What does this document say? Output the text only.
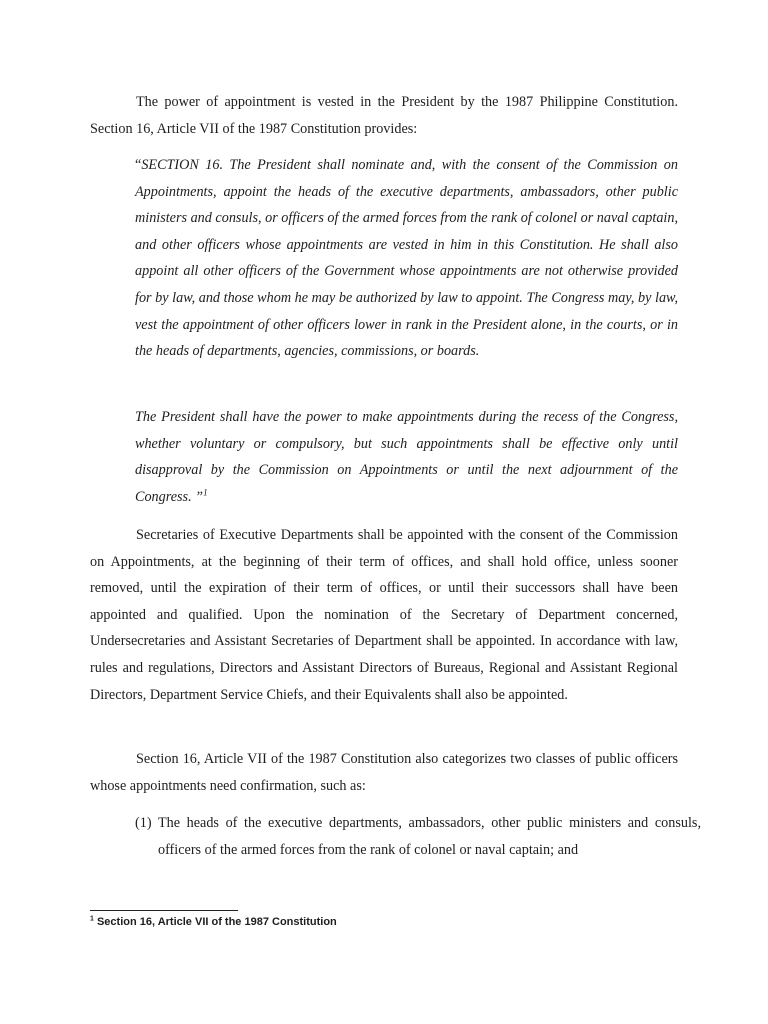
The power of appointment is vested in the President by the 1987 Philippine Constitution. Section 16, Article VII of the 1987 Constitution provides:

“SECTION 16. The President shall nominate and, with the consent of the Commission on Appointments, appoint the heads of the executive departments, ambassadors, other public ministers and consuls, or officers of the armed forces from the rank of colonel or naval captain, and other officers whose appointments are vested in him in this Constitution. He shall also appoint all other officers of the Government whose appointments are not otherwise provided for by law, and those whom he may be authorized by law to appoint. The Congress may, by law, vest the appointment of other officers lower in rank in the President alone, in the courts, or in the heads of departments, agencies, commissions, or boards.

The President shall have the power to make appointments during the recess of the Congress, whether voluntary or compulsory, but such appointments shall be effective only until disapproval by the Commission on Appointments or until the next adjournment of the Congress. ”$^1$

Secretaries of Executive Departments shall be appointed with the consent of the Commission on Appointments, at the beginning of their term of offices, and shall hold office, unless sooner removed, until the expiration of their term of offices, or until their successors shall have been appointed and qualified. Upon the nomination of the Secretary of Department concerned, Undersecretaries and Assistant Secretaries of Department shall be appointed. In accordance with law, rules and regulations, Directors and Assistant Directors of Bureaus, Regional and Assistant Regional Directors, Department Service Chiefs, and their Equivalents shall also be appointed.

Section 16, Article VII of the 1987 Constitution also categorizes two classes of public officers whose appointments need confirmation, such as:

(1) The heads of the executive departments, ambassadors, other public ministers and consuls, officers of the armed forces from the rank of colonel or naval captain; and

$^1$ Section 16, Article VII of the 1987 Constitution
